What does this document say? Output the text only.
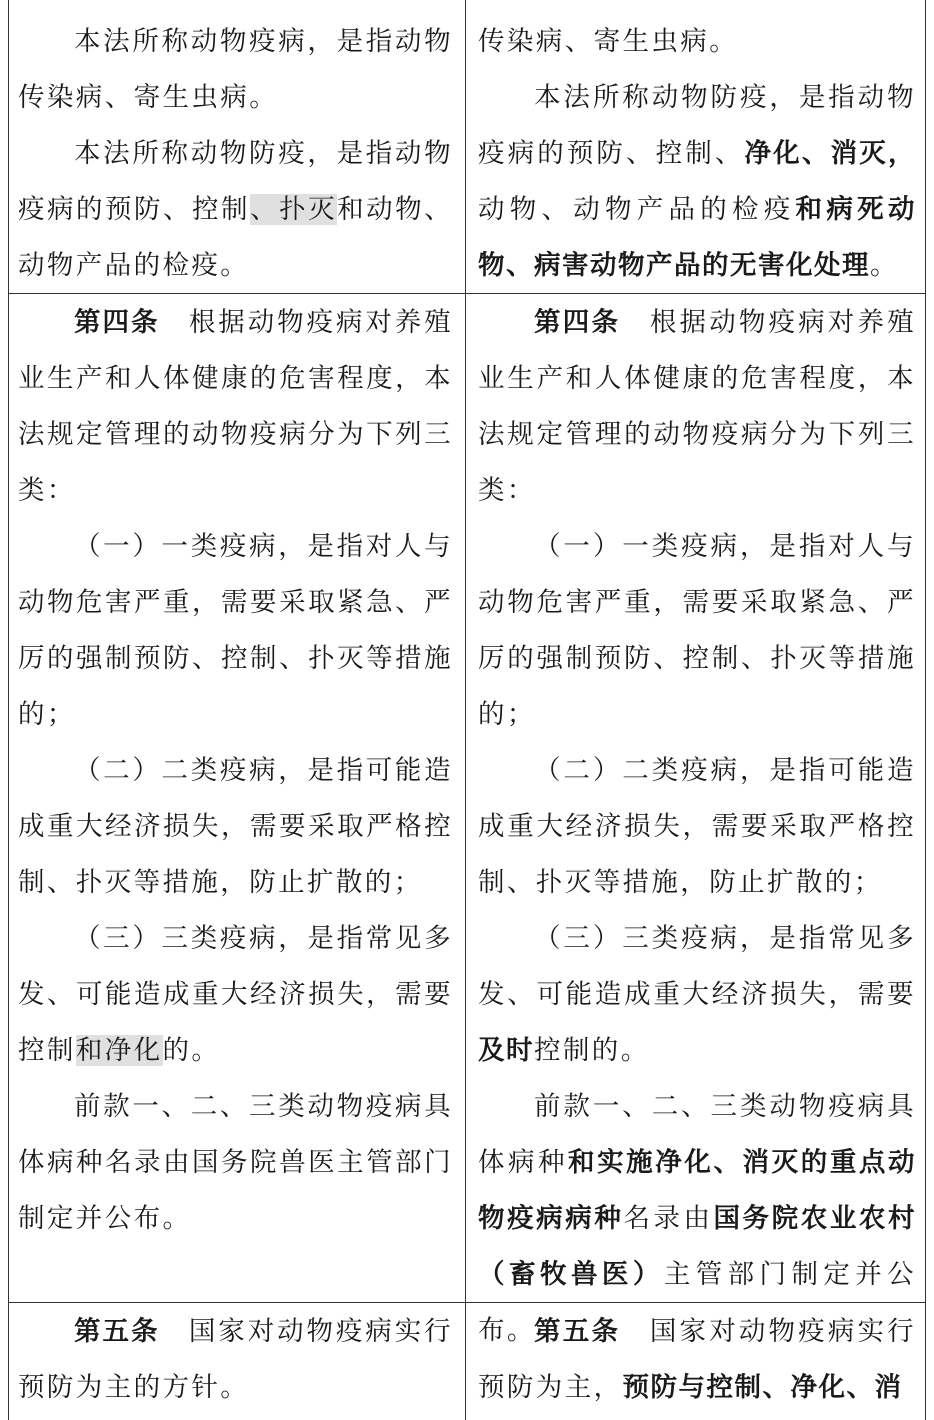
本法所称动物疫病，是指动物传染病、寄生虫病。

本法所称动物防疫，是指动物疫病的预防、控制、扑灭和动物、动物产品的检疫。

传染病、寄生虫病。

本法所称动物防疫，是指动物疫病的预防、控制、净化、消灭，动物、动物产品的检疫和病死动物、病害动物产品的无害化处理。

第四条　根据动物疫病对养殖业生产和人体健康的危害程度，本法规定管理的动物疫病分为下列三类：

（一）一类疫病，是指对人与动物危害严重，需要采取紧急、严厉的强制预防、控制、扑灭等措施的；

（二）二类疫病，是指可能造成重大经济损失，需要采取严格控制、扑灭等措施，防止扩散的；

（三）三类疫病，是指常见多发、可能造成重大经济损失，需要控制和净化的。

前款一、二、三类动物疫病具体病种名录由国务院兽医主管部门制定并公布。

第四条　根据动物疫病对养殖业生产和人体健康的危害程度，本法规定管理的动物疫病分为下列三类：

（一）一类疫病，是指对人与动物危害严重，需要采取紧急、严厉的强制预防、控制、扑灭等措施的；

（二）二类疫病，是指可能造成重大经济损失，需要采取严格控制、扑灭等措施，防止扩散的；

（三）三类疫病，是指常见多发、可能造成重大经济损失，需要及时控制的。

前款一、二、三类动物疫病具体病种和实施净化、消灭的重点动物疫病病种名录由国务院农业农村（畜牧兽医）主管部门制定并公布。

第五条　国家对动物疫病实行预防为主的方针。

第五条　国家对动物疫病实行预防为主，预防与控制、净化、消
